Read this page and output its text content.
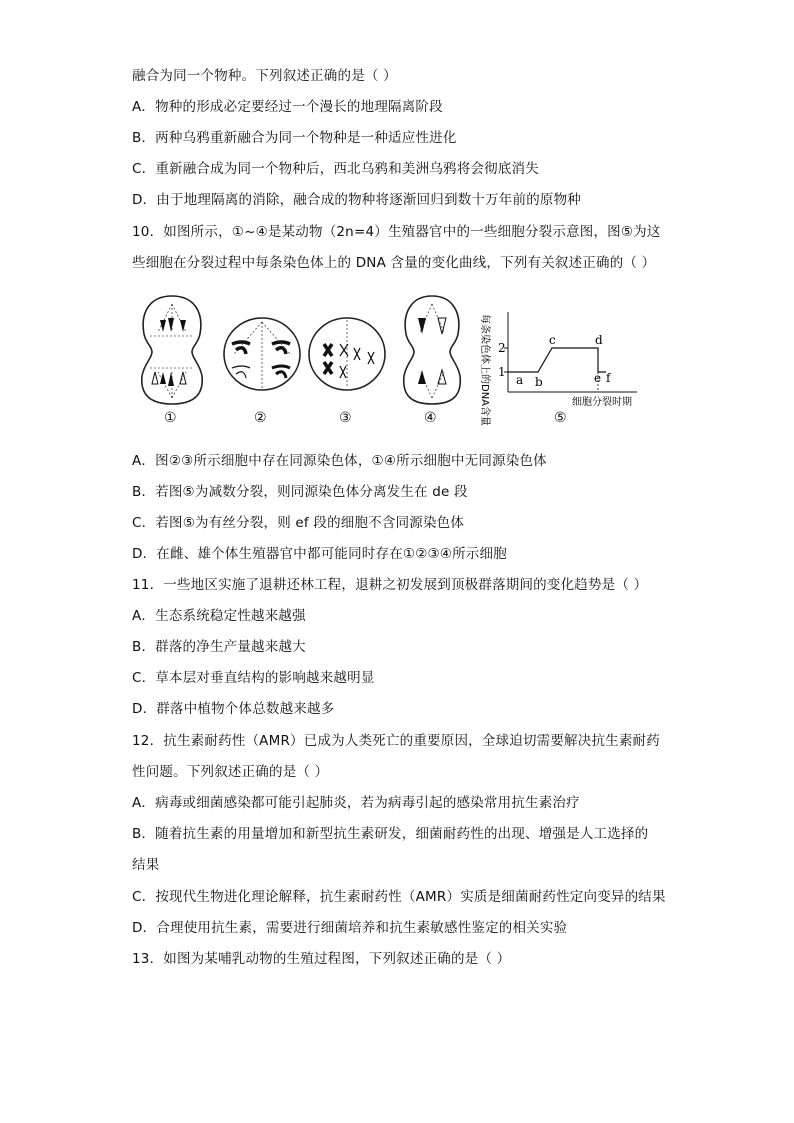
融合为同一个物种。下列叙述正确的是（ ）
A．物种的形成必定要经过一个漫长的地理隔离阶段
B．两种乌鸦重新融合为同一个物种是一种适应性进化
C．重新融合成为同一个物种后，西北乌鸦和美洲乌鸦将会彻底消失
D．由于地理隔离的消除，融合成的物种将逐渐回归到数十万年前的原物种
10．如图所示，①~④是某动物（2n=4）生殖器官中的一些细胞分裂示意图，图⑤为这
些细胞在分裂过程中每条染色体上的 DNA 含量的变化曲线，下列有关叙述正确的（ ）
1
2
a b
c	d
e f
细胞分裂时期
每条染色体上的DNA含量
①	②	③	④	⑤
A．图②③所示细胞中存在同源染色体，①④所示细胞中无同源染色体
B．若图⑤为减数分裂，则同源染色体分离发生在 de 段
C．若图⑤为有丝分裂，则 ef 段的细胞不含同源染色体
D．在雌、雄个体生殖器官中都可能同时存在①②③④所示细胞
11．一些地区实施了退耕还林工程，退耕之初发展到顶极群落期间的变化趋势是（ ）
A．生态系统稳定性越来越强
B．群落的净生产量越来越大
C．草本层对垂直结构的影响越来越明显
D．群落中植物个体总数越来越多
12．抗生素耐药性（AMR）已成为人类死亡的重要原因，全球迫切需要解决抗生素耐药
性问题。下列叙述正确的是（ ）
A．病毒或细菌感染都可能引起肺炎，若为病毒引起的感染常用抗生素治疗
B．随着抗生素的用量增加和新型抗生素研发，细菌耐药性的出现、增强是人工选择的
结果
C．按现代生物进化理论解释，抗生素耐药性（AMR）实质是细菌耐药性定向变异的结果
D．合理使用抗生素，需要进行细菌培养和抗生素敏感性鉴定的相关实验
13．如图为某哺乳动物的生殖过程图，下列叙述正确的是（ ）
